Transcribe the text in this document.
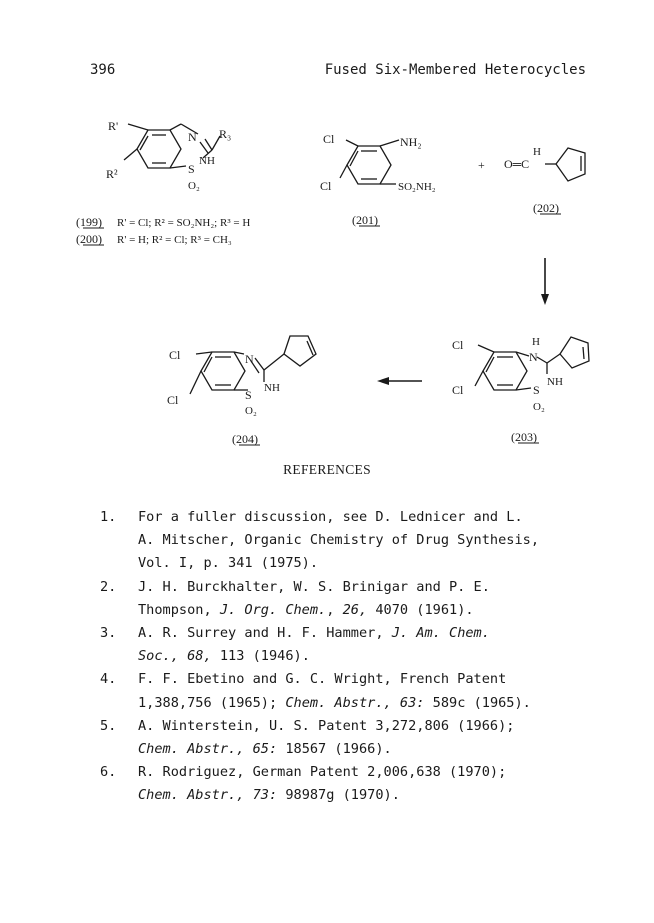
396	Fused Six-Membered Heterocycles
R'
R²
R₃
N
NH
S
O₂
(199) R' = Cl; R² = SO₂NH₂; R³ = H
(200) R' = H; R² = Cl; R³ = CH₃
Cl
Cl
NH₂
SO₂NH₂
(201)
+ O═C
H
(202)
Cl
Cl
H
N
NH
S
O₂
(203)
Cl
Cl
N
NH
S
O₂
(204)
REFERENCES
1. For a fuller discussion, see D. Lednicer and L.
A. Mitscher, Organic Chemistry of Drug Synthesis,
Vol. I, p. 341 (1975).
2. J. H. Burckhalter, W. S. Brinigar and P. E.
Thompson, J. Org. Chem., 26, 4070 (1961).
3. A. R. Surrey and H. F. Hammer, J. Am. Chem.
Soc., 68, 113 (1946).
4. F. F. Ebetino and G. C. Wright, French Patent
1,388,756 (1965); Chem. Abstr., 63: 589c (1965).
5. A. Winterstein, U. S. Patent 3,272,806 (1966);
Chem. Abstr., 65: 18567 (1966).
6. R. Rodriguez, German Patent 2,006,638 (1970);
Chem. Abstr., 73: 98987g (1970).
